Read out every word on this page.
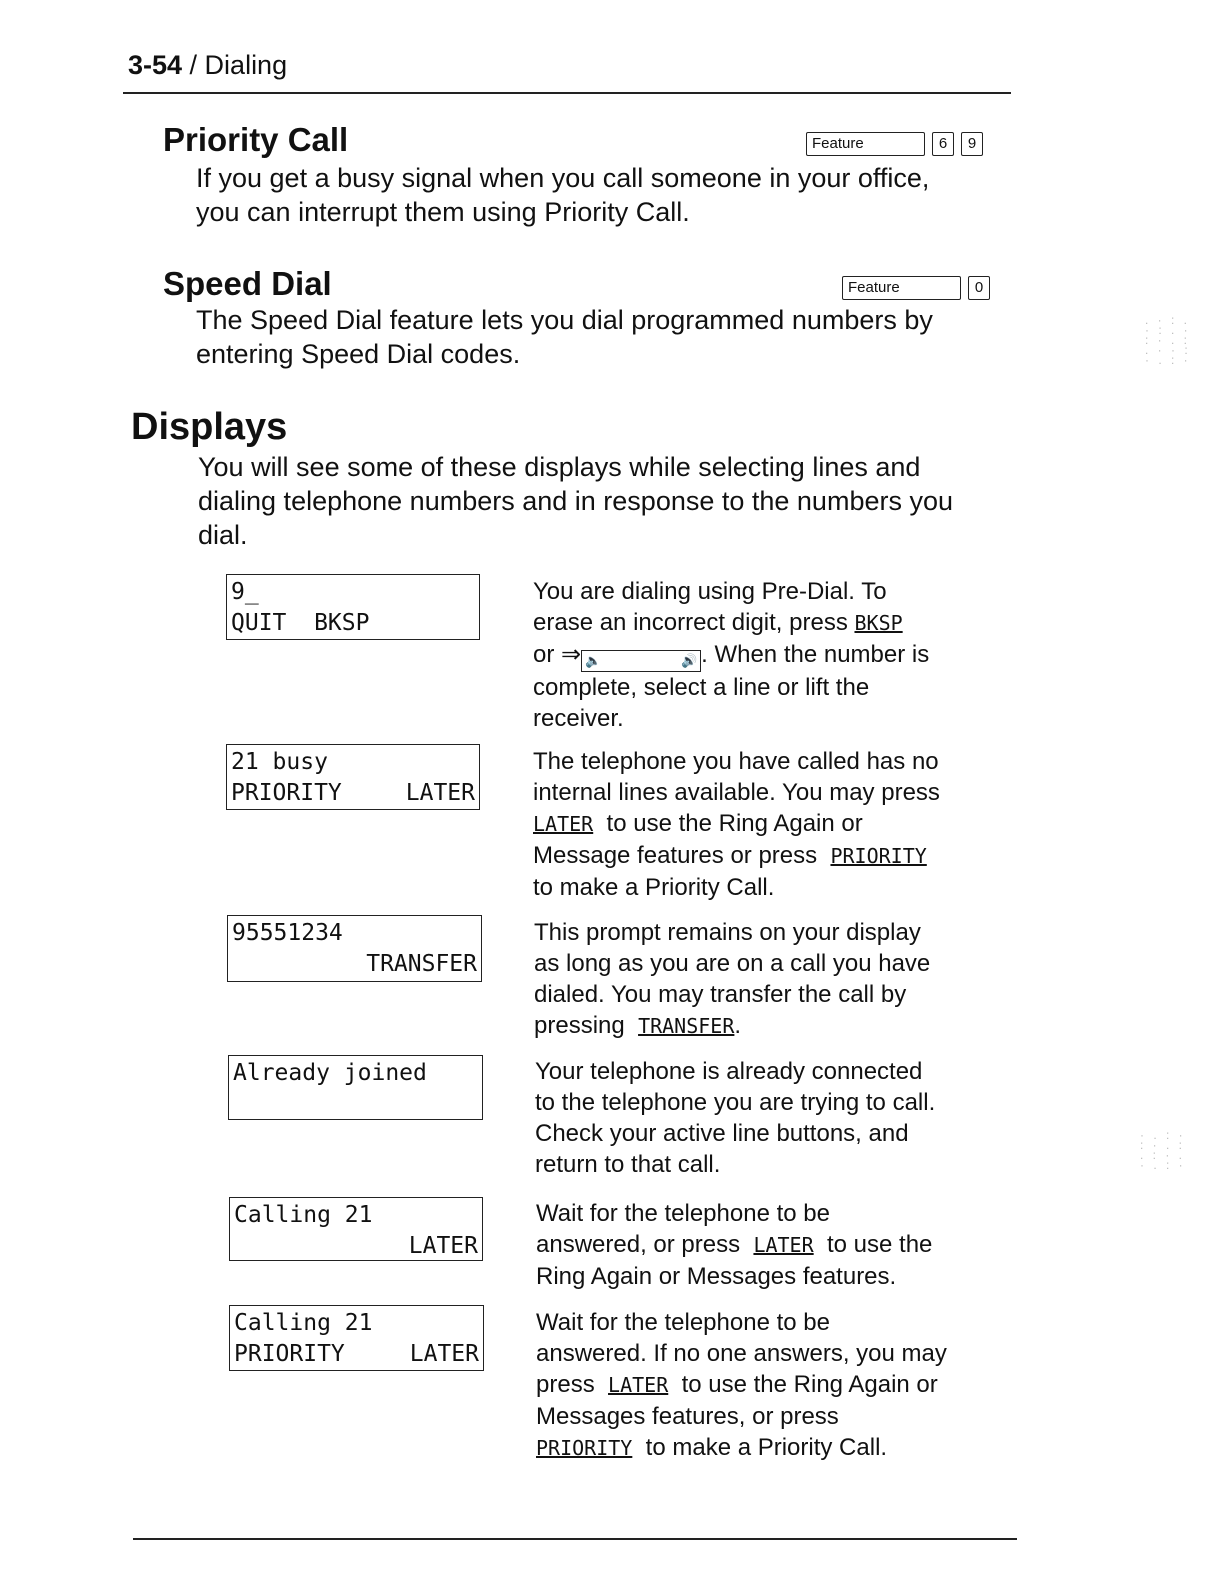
3-54 / Dialing
Priority Call	Feature	6	9
If you get a busy signal when you call someone in your office,
you can interrupt them using Priority Call.
Speed Dial	Feature	0
The Speed Dial feature lets you dial programmed numbers by
entering Speed Dial codes.
Displays
You will see some of these displays while selecting lines and
dialing telephone numbers and in response to the numbers you
dial.
9_
QUIT  BKSP
You are dialing using Pre-Dial. To
erase an incorrect digit, press BKSP
or ⇒ 🔈	🔊 . When the number is
complete, select a line or lift the
receiver.
21 busy
PRIORITY	LATER
The telephone you have called has no
internal lines available. You may press
LATER  to use the Ring Again or
Message features or press  PRIORITY
to make a Priority Call.
95551234
TRANSFER
This prompt remains on your display
as long as you are on a call you have
dialed. You may transfer the call by
pressing  TRANSFER.
Already joined	Your telephone is already connected
to the telephone you are trying to call.
Check your active line buttons, and
return to that call.
Calling 21
LATER
Wait for the telephone to be
answered, or press  LATER  to use the
Ring Again or Messages features.
Calling 21
PRIORITY	LATER
Wait for the telephone to be
answered. If no one answers, you may
press  LATER  to use the Ring Again or
Messages features, or press
PRIORITY  to make a Priority Call.
. · : .
· : . ·
: · . :
. · · :
· . : ·
· . : ·
: · . :
. : · .
· . : ·
